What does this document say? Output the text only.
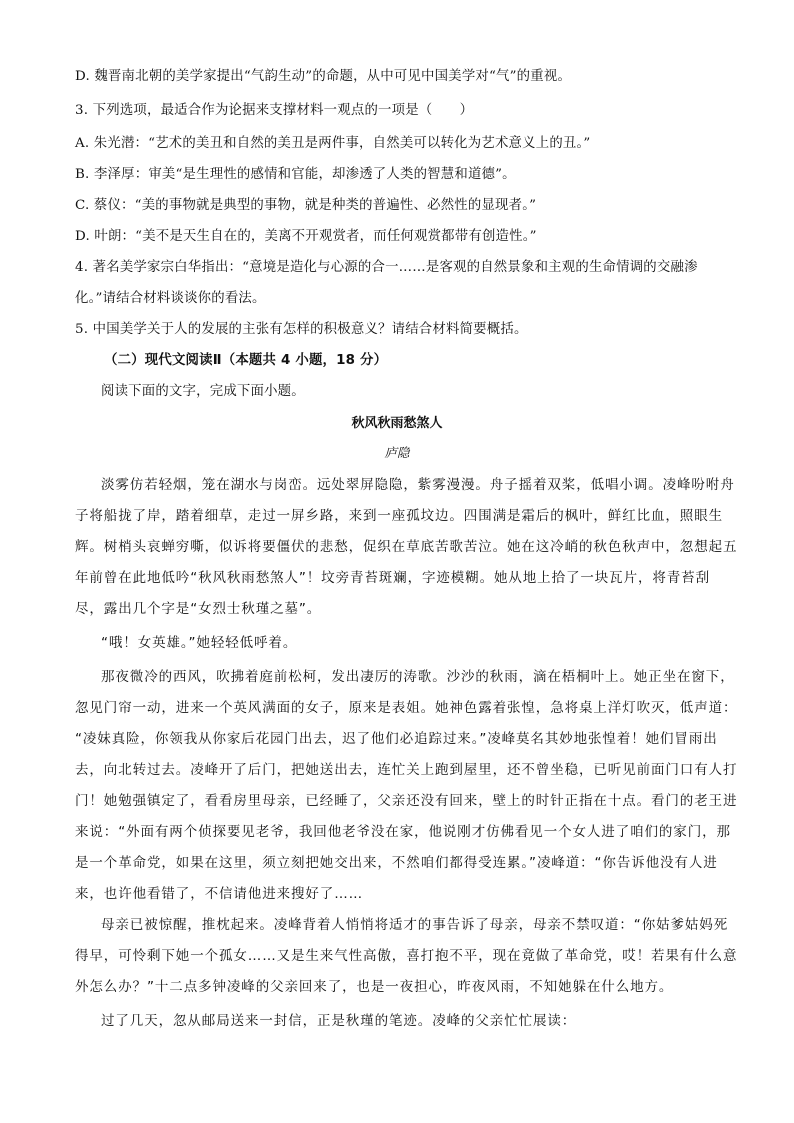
D. 魏晋南北朝的美学家提出“气韵生动”的命题，从中可见中国美学对“气”的重视。
3. 下列选项，最适合作为论据来支撑材料一观点的一项是（　　）
A. 朱光潜：“艺术的美丑和自然的美丑是两件事，自然美可以转化为艺术意义上的丑。”
B. 李泽厚：审美“是生理性的感情和官能，却渗透了人类的智慧和道德”。
C. 蔡仪：“美的事物就是典型的事物，就是种类的普遍性、必然性的显现者。”
D. 叶朗：“美不是天生自在的，美离不开观赏者，而任何观赏都带有创造性。”
4. 著名美学家宗白华指出：“意境是造化与心源的合一……是客观的自然景象和主观的生命情调的交融渗
化。”请结合材料谈谈你的看法。
5. 中国美学关于人的发展的主张有怎样的积极意义？请结合材料简要概括。
（二）现代文阅读Ⅱ（本题共 4 小题，18 分）
阅读下面的文字，完成下面小题。
秋风秋雨愁煞人
庐隐
淡雾仿若轻烟，笼在湖水与岗峦。远处翠屏隐隐，紫雾漫漫。舟子摇着双桨，低唱小调。凌峰吩咐舟
子将船拢了岸，踏着细草，走过一屏乡路，来到一座孤坟边。四围满是霜后的枫叶，鲜红比血，照眼生
辉。树梢头哀蝉穷嘶，似诉将要僵伏的悲愁，促织在草底苦歌苦泣。她在这冷峭的秋色秋声中，忽想起五
年前曾在此地低吟“秋风秋雨愁煞人”！坟旁青苔斑斓，字迹模糊。她从地上拾了一块瓦片，将青苔刮
尽，露出几个字是“女烈士秋瑾之墓”。
“哦！女英雄。”她轻轻低呼着。
那夜微冷的西风，吹拂着庭前松柯，发出凄厉的涛歌。沙沙的秋雨，滴在梧桐叶上。她正坐在窗下，
忽见门帘一动，进来一个英风满面的女子，原来是表姐。她神色露着张惶，急将桌上洋灯吹灭，低声道：
“凌妹真险，你领我从你家后花园门出去，迟了他们必追踪过来。”凌峰莫名其妙地张惶着！她们冒雨出
去，向北转过去。凌峰开了后门，把她送出去，连忙关上跑到屋里，还不曾坐稳，已听见前面门口有人打
门！她勉强镇定了，看看房里母亲，已经睡了，父亲还没有回来，壁上的时针正指在十点。看门的老王进
来说：“外面有两个侦探要见老爷，我回他老爷没在家，他说刚才仿佛看见一个女人进了咱们的家门，那
是一个革命党，如果在这里，须立刻把她交出来，不然咱们都得受连累。”凌峰道：“你告诉他没有人进
来，也许他看错了，不信请他进来搜好了……
母亲已被惊醒，推枕起来。凌峰背着人悄悄将适才的事告诉了母亲，母亲不禁叹道：“你姑爹姑妈死
得早，可怜剩下她一个孤女……又是生来气性高傲，喜打抱不平，现在竟做了革命党，哎！若果有什么意
外怎么办？”十二点多钟凌峰的父亲回来了，也是一夜担心，昨夜风雨，不知她躲在什么地方。
过了几天，忽从邮局送来一封信，正是秋瑾的笔迹。凌峰的父亲忙忙展读：
